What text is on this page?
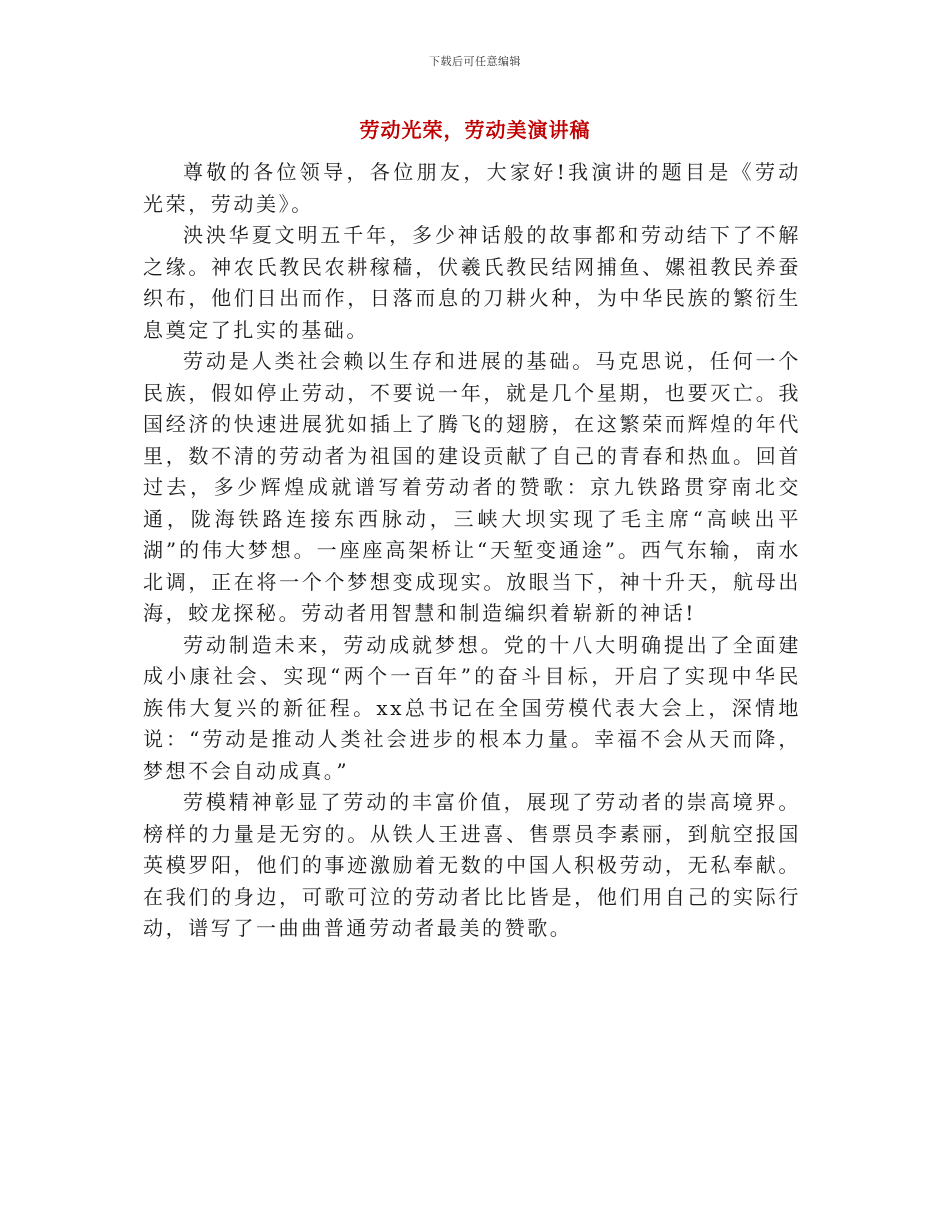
下载后可任意编辑
劳动光荣，劳动美演讲稿

尊敬的各位领导，各位朋友，大家好!我演讲的题目是《劳动光荣，劳动美》。

泱泱华夏文明五千年，多少神话般的故事都和劳动结下了不解之缘。神农氏教民农耕稼穑，伏羲氏教民结网捕鱼、嫘祖教民养蚕织布，他们日出而作，日落而息的刀耕火种，为中华民族的繁衍生息奠定了扎实的基础。

劳动是人类社会赖以生存和进展的基础。马克思说，任何一个民族，假如停止劳动，不要说一年，就是几个星期，也要灭亡。我国经济的快速进展犹如插上了腾飞的翅膀，在这繁荣而辉煌的年代里，数不清的劳动者为祖国的建设贡献了自己的青春和热血。回首过去，多少辉煌成就谱写着劳动者的赞歌：京九铁路贯穿南北交通，陇海铁路连接东西脉动，三峡大坝实现了毛主席“高峡出平湖”的伟大梦想。一座座高架桥让“天堑变通途”。西气东输，南水北调，正在将一个个梦想变成现实。放眼当下，神十升天，航母出海，蛟龙探秘。劳动者用智慧和制造编织着崭新的神话!

劳动制造未来，劳动成就梦想。党的十八大明确提出了全面建成小康社会、实现“两个一百年”的奋斗目标，开启了实现中华民族伟大复兴的新征程。xx总书记在全国劳模代表大会上，深情地说：“劳动是推动人类社会进步的根本力量。幸福不会从天而降，梦想不会自动成真。”

劳模精神彰显了劳动的丰富价值，展现了劳动者的崇高境界。榜样的力量是无穷的。从铁人王进喜、售票员李素丽，到航空报国英模罗阳，他们的事迹激励着无数的中国人积极劳动，无私奉献。在我们的身边，可歌可泣的劳动者比比皆是，他们用自己的实际行动，谱写了一曲曲普通劳动者最美的赞歌。
